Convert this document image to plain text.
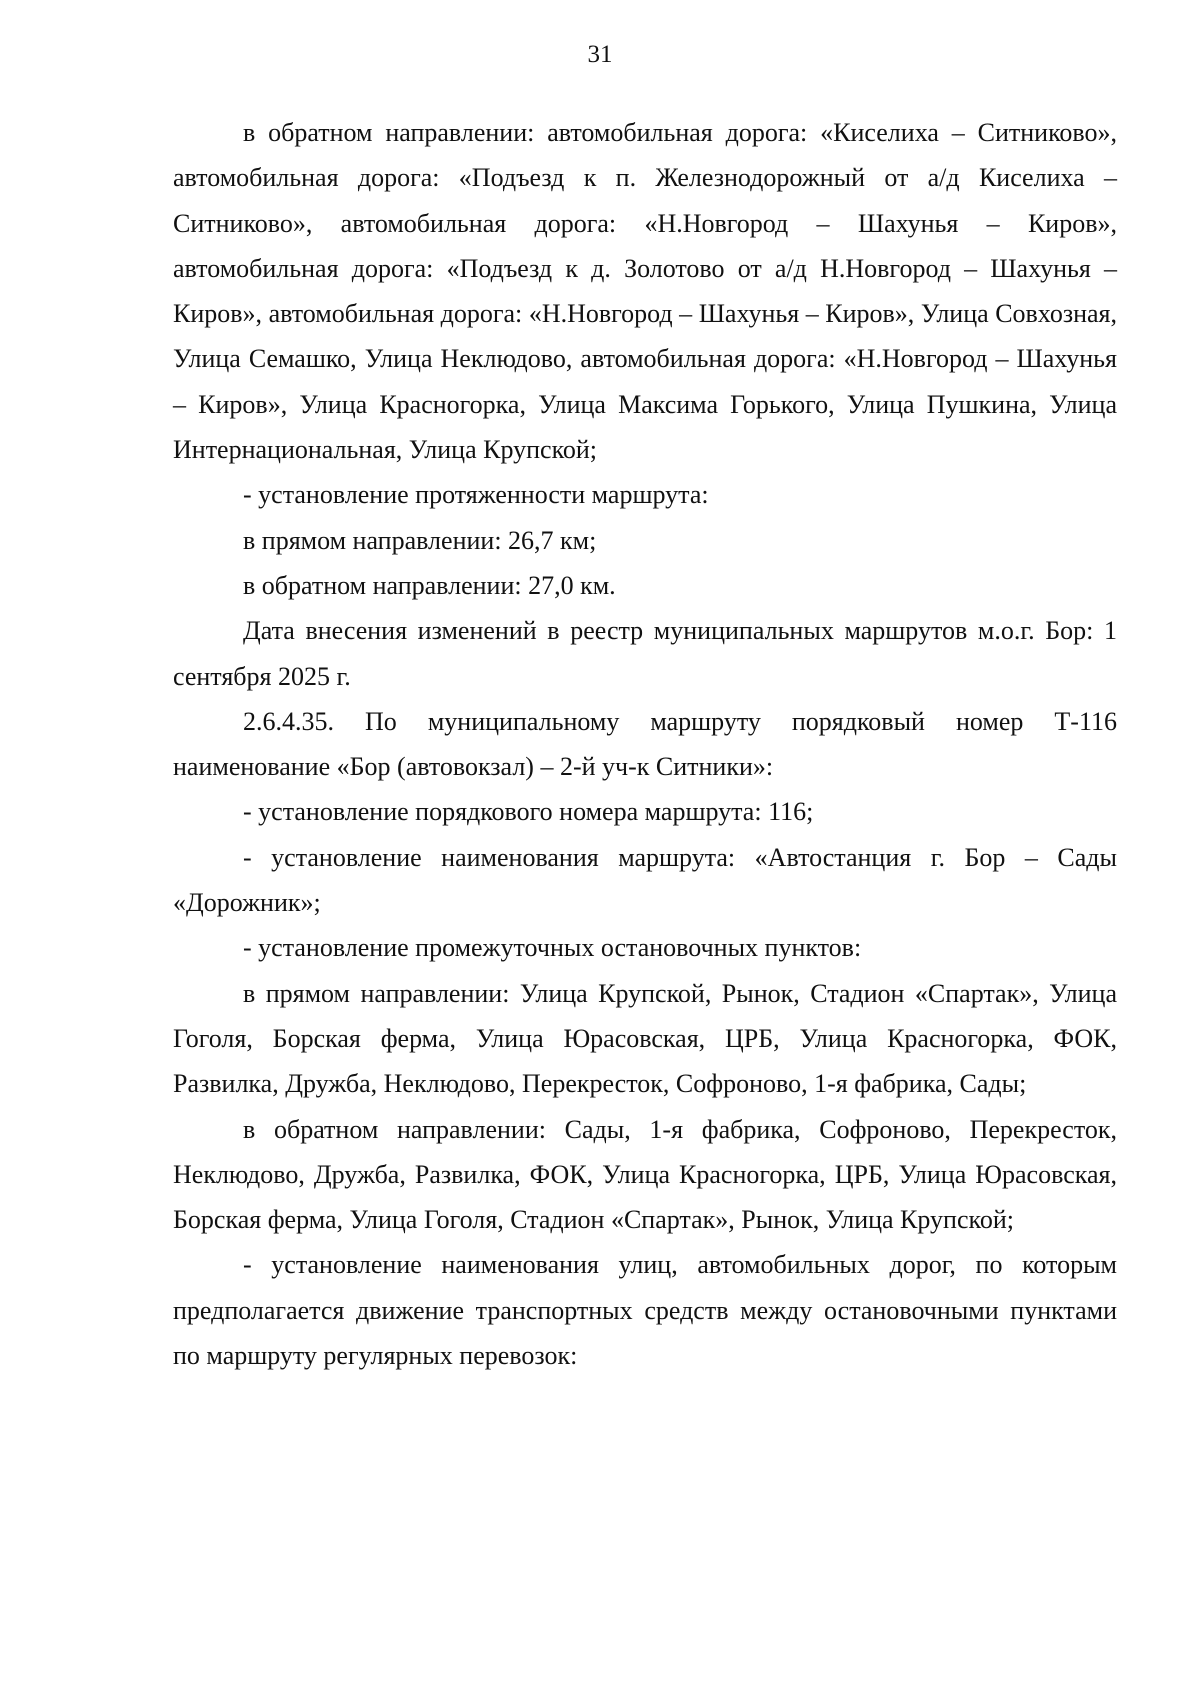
31

в обратном направлении: автомобильная дорога: «Киселиха – Ситниково», автомобильная дорога: «Подъезд к п. Железнодорожный от а/д Киселиха – Ситниково», автомобильная дорога: «Н.Новгород – Шахунья – Киров», автомобильная дорога: «Подъезд к д. Золотово от а/д Н.Новгород – Шахунья – Киров», автомобильная дорога: «Н.Новгород – Шахунья – Киров», Улица Совхозная, Улица Семашко, Улица Неклюдово, автомобильная дорога: «Н.Новгород – Шахунья – Киров», Улица Красногорка, Улица Максима Горького, Улица Пушкина, Улица Интернациональная, Улица Крупской;

- установление протяженности маршрута:

в прямом направлении: 26,7 км;

в обратном направлении: 27,0 км.

Дата внесения изменений в реестр муниципальных маршрутов м.о.г. Бор: 1 сентября 2025 г.

2.6.4.35. По муниципальному маршруту порядковый номер Т-116 наименование «Бор (автовокзал) – 2-й уч-к Ситники»:

- установление порядкового номера маршрута: 116;

- установление наименования маршрута: «Автостанция г. Бор – Сады «Дорожник»;

- установление промежуточных остановочных пунктов:

в прямом направлении: Улица Крупской, Рынок, Стадион «Спартак», Улица Гоголя, Борская ферма, Улица Юрасовская, ЦРБ, Улица Красногорка, ФОК, Развилка, Дружба, Неклюдово, Перекресток, Софроново, 1-я фабрика, Сады;

в обратном направлении: Сады, 1-я фабрика, Софроново, Перекресток, Неклюдово, Дружба, Развилка, ФОК, Улица Красногорка, ЦРБ, Улица Юрасовская, Борская ферма, Улица Гоголя, Стадион «Спартак», Рынок, Улица Крупской;

- установление наименования улиц, автомобильных дорог, по которым предполагается движение транспортных средств между остановочными пунктами по маршруту регулярных перевозок:
